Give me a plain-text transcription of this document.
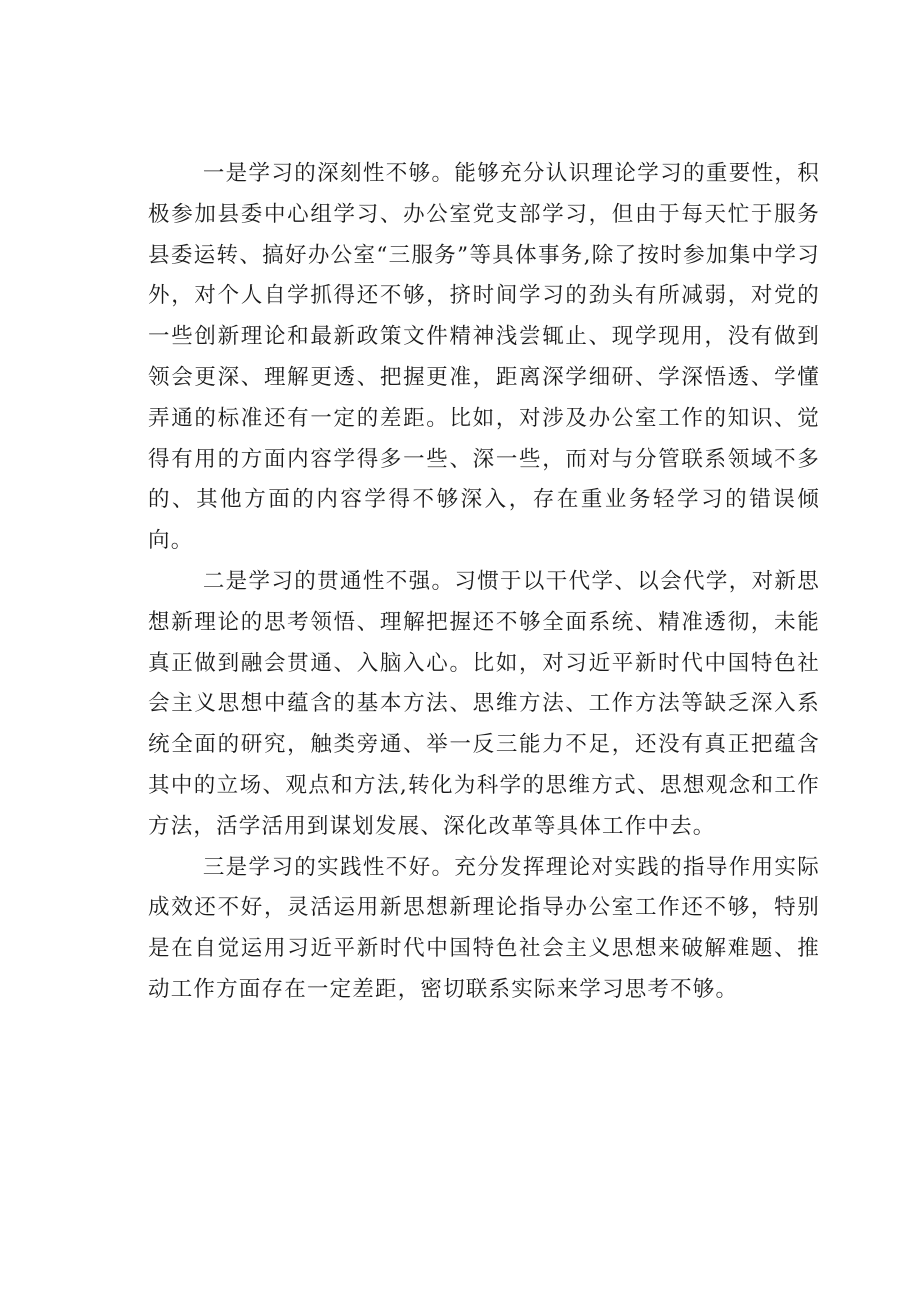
一是学习的深刻性不够。能够充分认识理论学习的重要性，积极参加县委中心组学习、办公室党支部学习，但由于每天忙于服务县委运转、搞好办公室“三服务”等具体事务,除了按时参加集中学习外，对个人自学抓得还不够，挤时间学习的劲头有所减弱，对党的一些创新理论和最新政策文件精神浅尝辄止、现学现用，没有做到领会更深、理解更透、把握更准，距离深学细研、学深悟透、学懂弄通的标准还有一定的差距。比如，对涉及办公室工作的知识、觉得有用的方面内容学得多一些、深一些，而对与分管联系领域不多的、其他方面的内容学得不够深入，存在重业务轻学习的错误倾向。

二是学习的贯通性不强。习惯于以干代学、以会代学，对新思想新理论的思考领悟、理解把握还不够全面系统、精准透彻，未能真正做到融会贯通、入脑入心。比如，对习近平新时代中国特色社会主义思想中蕴含的基本方法、思维方法、工作方法等缺乏深入系统全面的研究，触类旁通、举一反三能力不足，还没有真正把蕴含其中的立场、观点和方法,转化为科学的思维方式、思想观念和工作方法，活学活用到谋划发展、深化改革等具体工作中去。

三是学习的实践性不好。充分发挥理论对实践的指导作用实际成效还不好，灵活运用新思想新理论指导办公室工作还不够，特别是在自觉运用习近平新时代中国特色社会主义思想来破解难题、推动工作方面存在一定差距，密切联系实际来学习思考不够。
